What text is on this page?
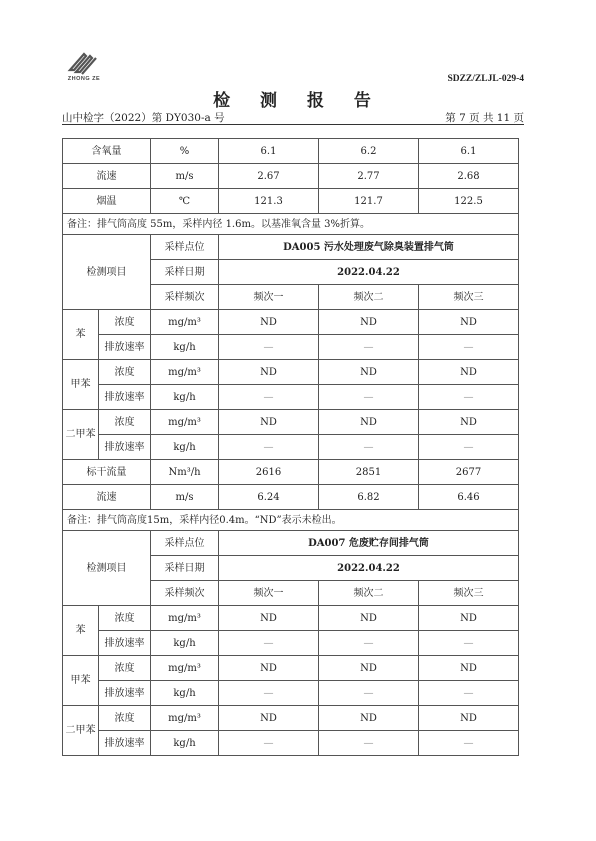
ZHONG ZE	SDZZ/ZLJL-029-4
检 测 报 告
山中检字（2022）第 DY030-a 号	第 7 页 共 11 页
含氧量		%	6.1	6.2	6.1
流速		m/s	2.67	2.77	2.68
烟温		℃	121.3	121.7	122.5
备注：排气筒高度 55m，采样内径 1.6m。以基准氧含量 3%折算。					
检测项目		采样点位	DA005 污水处理废气除臭装置排气筒		
		采样日期	2022.04.22		
		采样频次	频次一	频次二	频次三
苯	浓度	mg/m³	ND	ND	ND
	排放速率	kg/h	—	—	—
甲苯	浓度	mg/m³	ND	ND	ND
	排放速率	kg/h	—	—	—
二甲苯	浓度	mg/m³	ND	ND	ND
	排放速率	kg/h	—	—	—
标干流量		Nm³/h	2616	2851	2677
流速		m/s	6.24	6.82	6.46
备注：排气筒高度15m，采样内径0.4m。“ND”表示未检出。					
检测项目		采样点位	DA007 危废贮存间排气筒		
		采样日期	2022.04.22		
		采样频次	频次一	频次二	频次三
苯	浓度	mg/m³	ND	ND	ND
	排放速率	kg/h	—	—	—
甲苯	浓度	mg/m³	ND	ND	ND
	排放速率	kg/h	—	—	—
二甲苯	浓度	mg/m³	ND	ND	ND
	排放速率	kg/h	—	—	—
